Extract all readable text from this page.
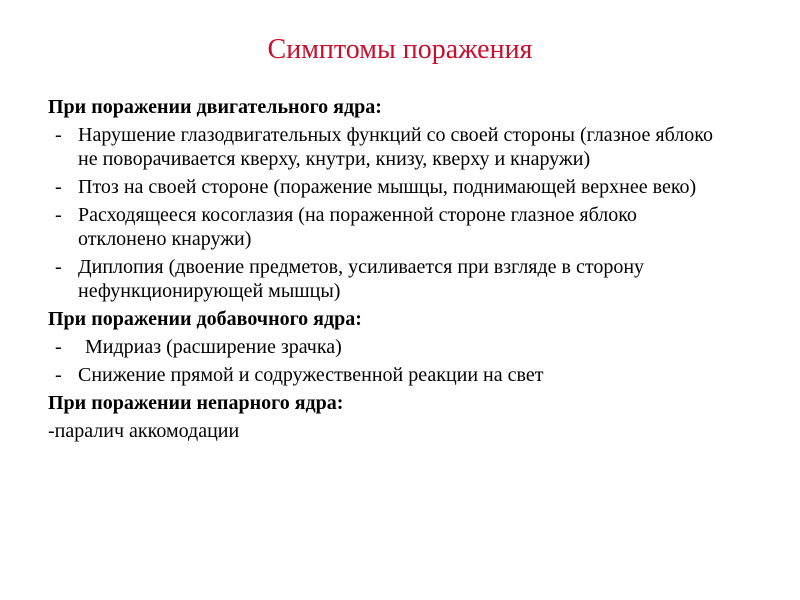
Симптомы поражения
При поражении двигательного ядра:
- Нарушение глазодвигательных функций со своей стороны (глазное яблоко не поворачивается кверху, кнутри, книзу, кверху и кнаружи)
- Птоз на своей стороне (поражение мышцы, поднимающей верхнее веко)
- Расходящееся косоглазия (на пораженной стороне глазное яблоко отклонено кнаружи)
- Диплопия (двоение предметов, усиливается при взгляде в сторону нефункционирующей мышцы)
При поражении добавочного ядра:
- Мидриаз (расширение зрачка)
- Снижение прямой и содружественной реакции на свет
При поражении непарного ядра:

-паралич аккомодации
